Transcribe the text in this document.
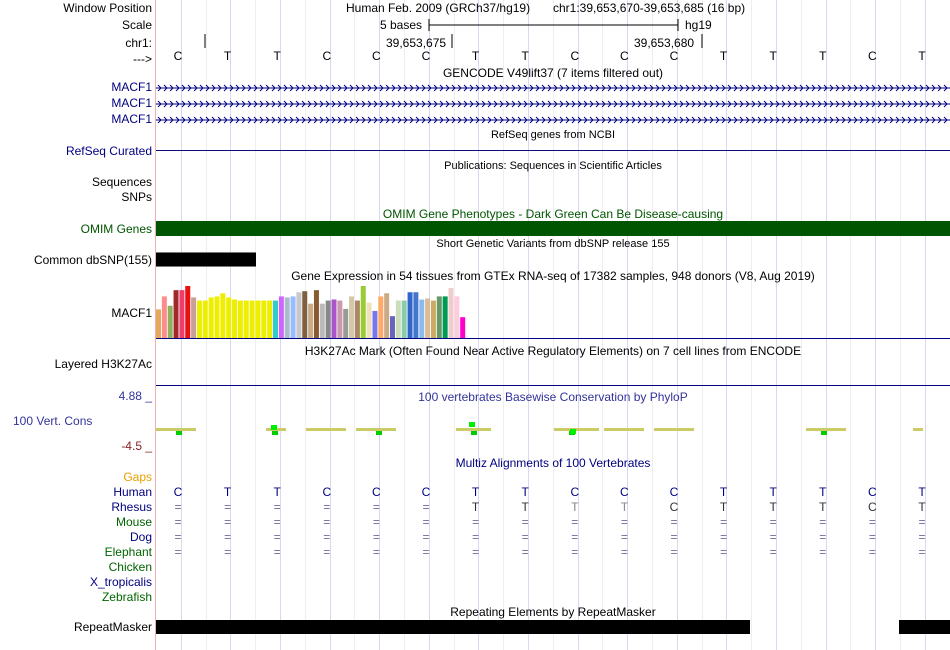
Window Position
Scale
chr1:
--->
Human Feb. 2009 (GRCh37/hg19) chr1:39,653,670-39,653,685 (16 bp)
5 bases	hg19
39,653,675	39,653,680
C	T	T	C	C	C	T	T	C	C	C	T	T	T	C	T
GENCODE V49lift37 (7 items filtered out)
MACF1
MACF1
MACF1
RefSeq genes from NCBI
RefSeq Curated
Publications: Sequences in Scientific Articles
Sequences
SNPs
OMIM Gene Phenotypes - Dark Green Can Be Disease-causing
OMIM Genes
Short Genetic Variants from dbSNP release 155
Common dbSNP(155)
Gene Expression in 54 tissues from GTEx RNA-seq of 17382 samples, 948 donors (V8, Aug 2019)
MACF1
H3K27Ac Mark (Often Found Near Active Regulatory Elements) on 7 cell lines from ENCODE
Layered H3K27Ac
100 vertebrates Basewise Conservation by PhyloP
4.88 _
100 Vert. Cons
-4.5 _
Multiz Alignments of 100 Vertebrates
Gaps
Human	C	T	T	C	C	C	T	T	C	C	C	T	T	T	C	T
Rhesus	=	=	=	=	=	=	T	T	T	T	C	T	T	T	C	T
Mouse	=	=	=	=	=	=	=	=	=	=	=	=	=	=	=	=
Dog	=	=	=	=	=	=	=	=	=	=	=	=	=	=	=	=
Elephant	=	=	=	=	=	=	=	=	=	=	=	=	=	=	=	=
Chicken
X_tropicalis
Zebrafish
Repeating Elements by RepeatMasker
RepeatMasker
